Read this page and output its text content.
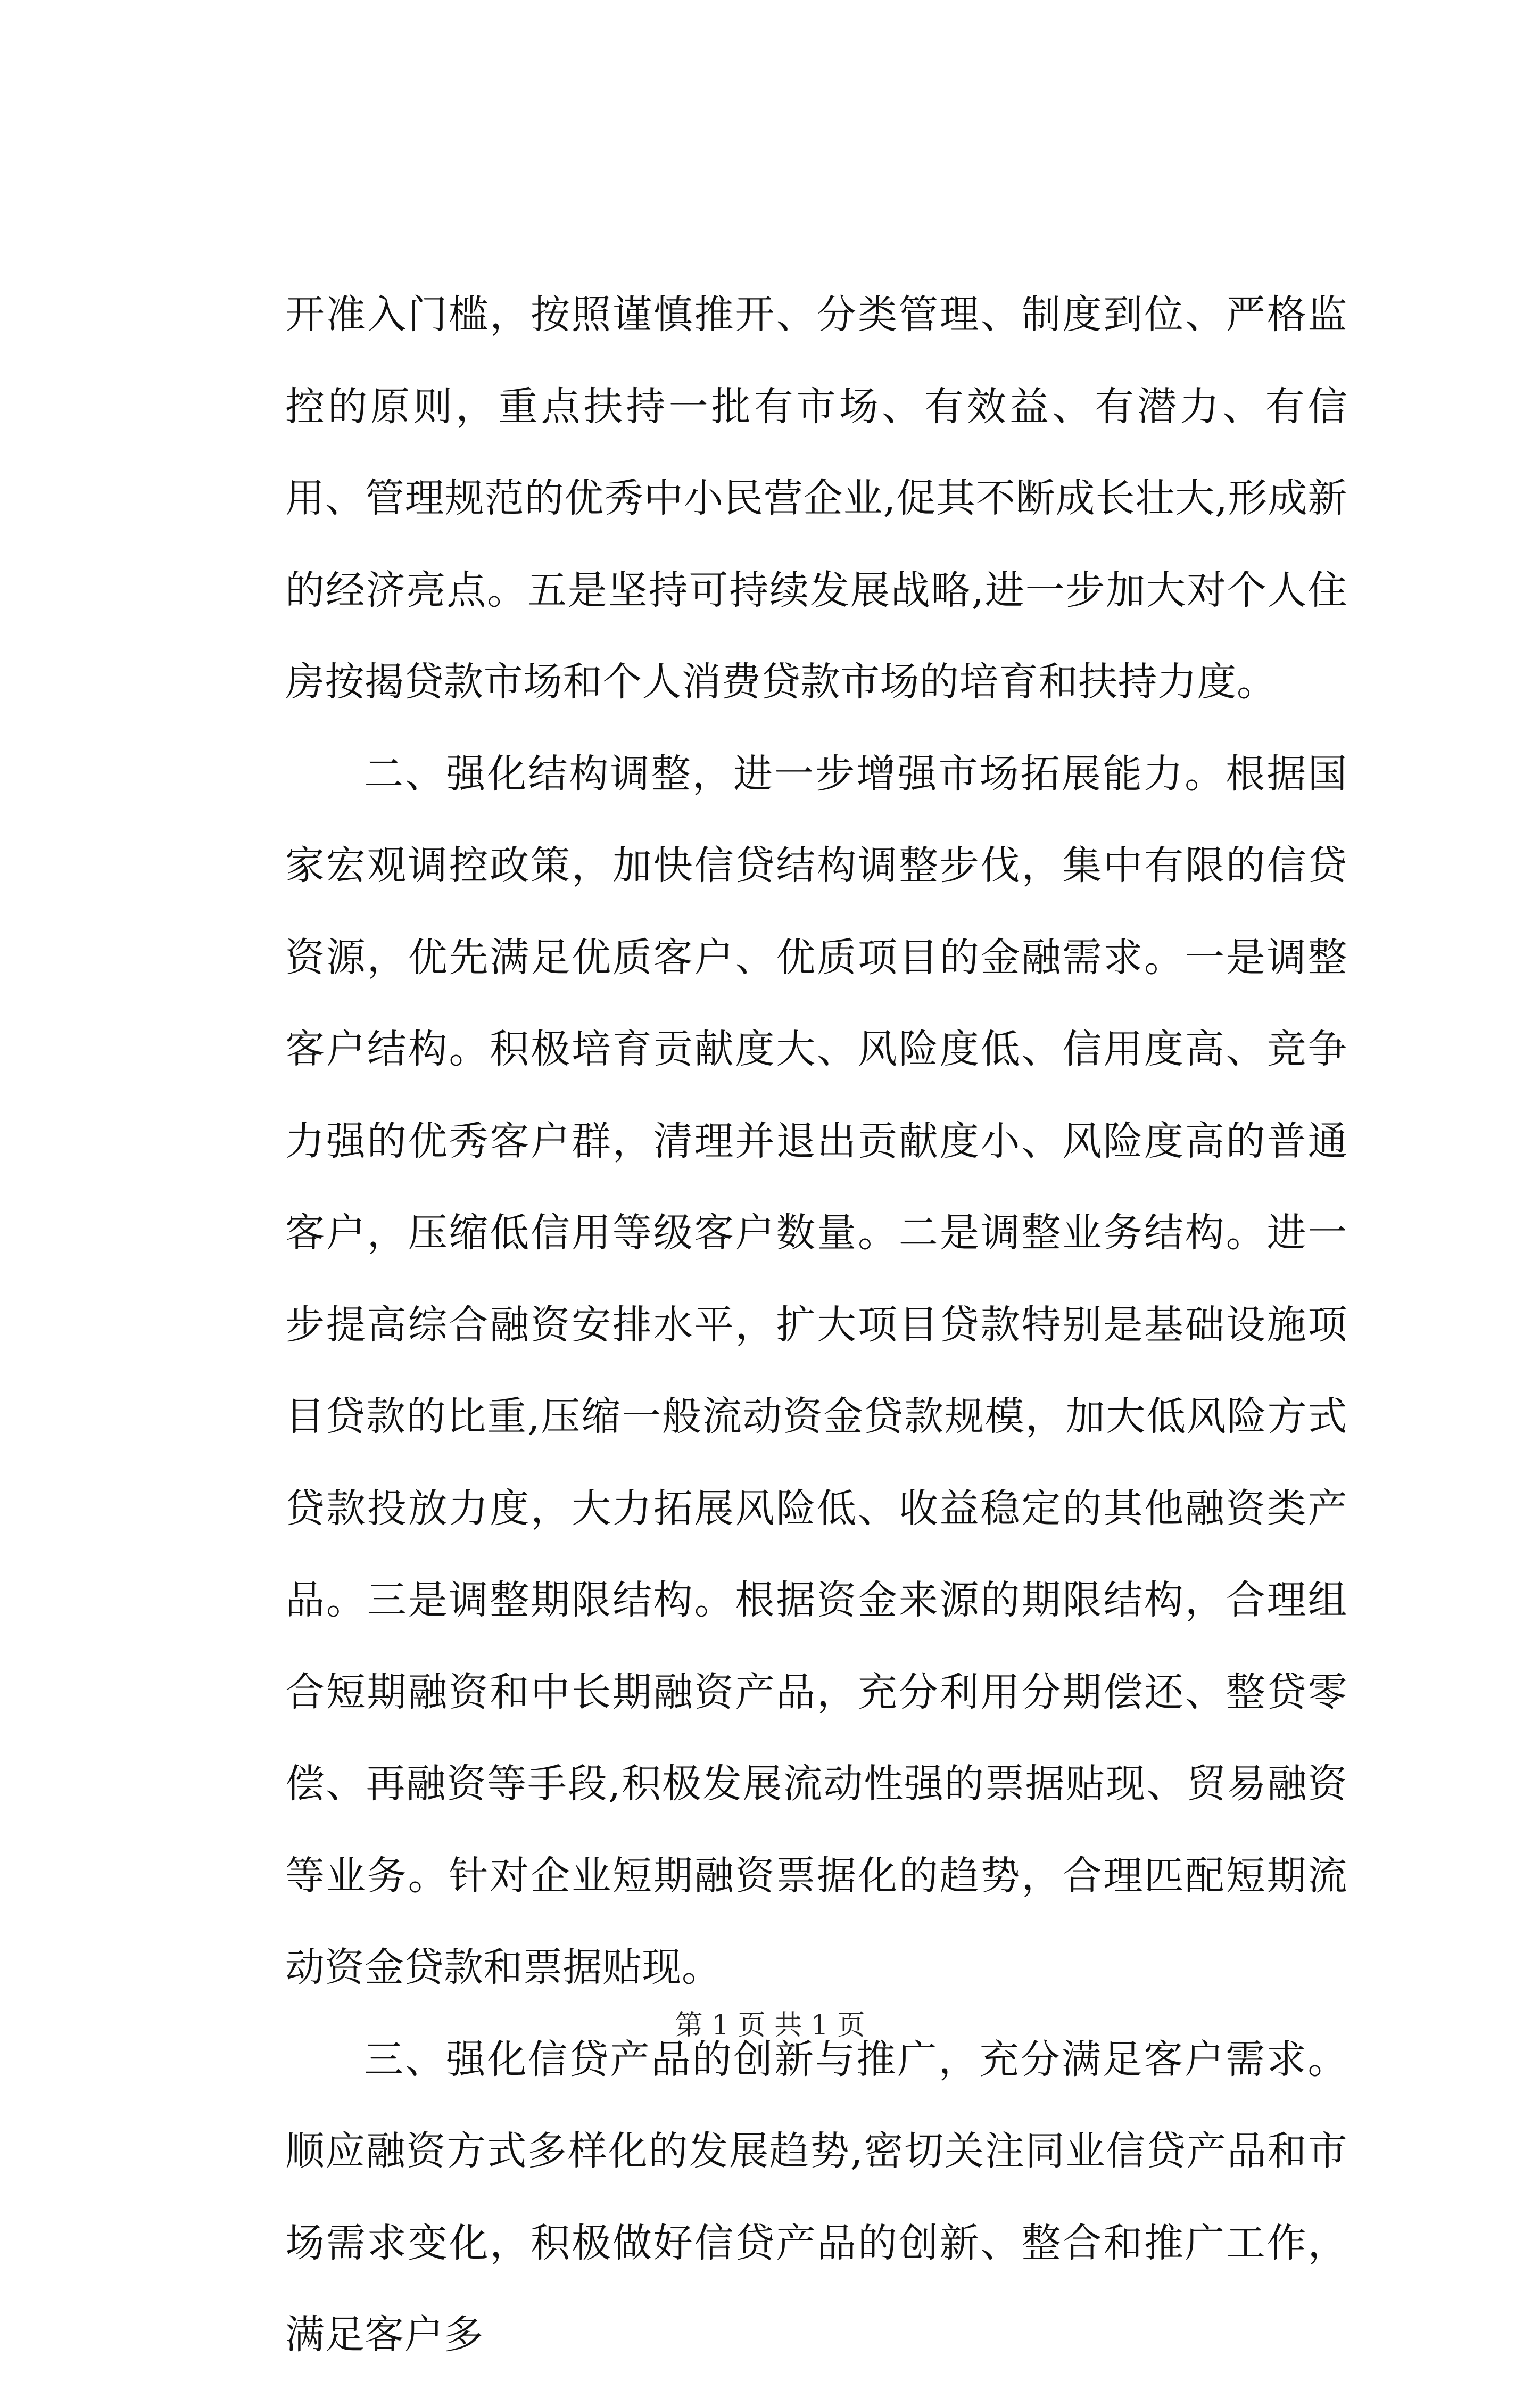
开准入门槛，按照谨慎推开、分类管理、制度到位、严格监控的原则，重点扶持一批有市场、有效益、有潜力、有信用、管理规范的优秀中小民营企业,促其不断成长壮大,形成新的经济亮点。五是坚持可持续发展战略,进一步加大对个人住房按揭贷款市场和个人消费贷款市场的培育和扶持力度。

二、强化结构调整，进一步增强市场拓展能力。根据国家宏观调控政策，加快信贷结构调整步伐，集中有限的信贷资源，优先满足优质客户、优质项目的金融需求。一是调整客户结构。积极培育贡献度大、风险度低、信用度高、竞争力强的优秀客户群，清理并退出贡献度小、风险度高的普通客户，压缩低信用等级客户数量。二是调整业务结构。进一步提高综合融资安排水平，扩大项目贷款特别是基础设施项目贷款的比重,压缩一般流动资金贷款规模，加大低风险方式贷款投放力度，大力拓展风险低、收益稳定的其他融资类产品。三是调整期限结构。根据资金来源的期限结构，合理组合短期融资和中长期融资产品，充分利用分期偿还、整贷零偿、再融资等手段,积极发展流动性强的票据贴现、贸易融资等业务。针对企业短期融资票据化的趋势，合理匹配短期流动资金贷款和票据贴现。

三、强化信贷产品的创新与推广，充分满足客户需求。顺应融资方式多样化的发展趋势,密切关注同业信贷产品和市场需求变化，积极做好信贷产品的创新、整合和推广工作，满足客户多

第 1 页 共 1 页
